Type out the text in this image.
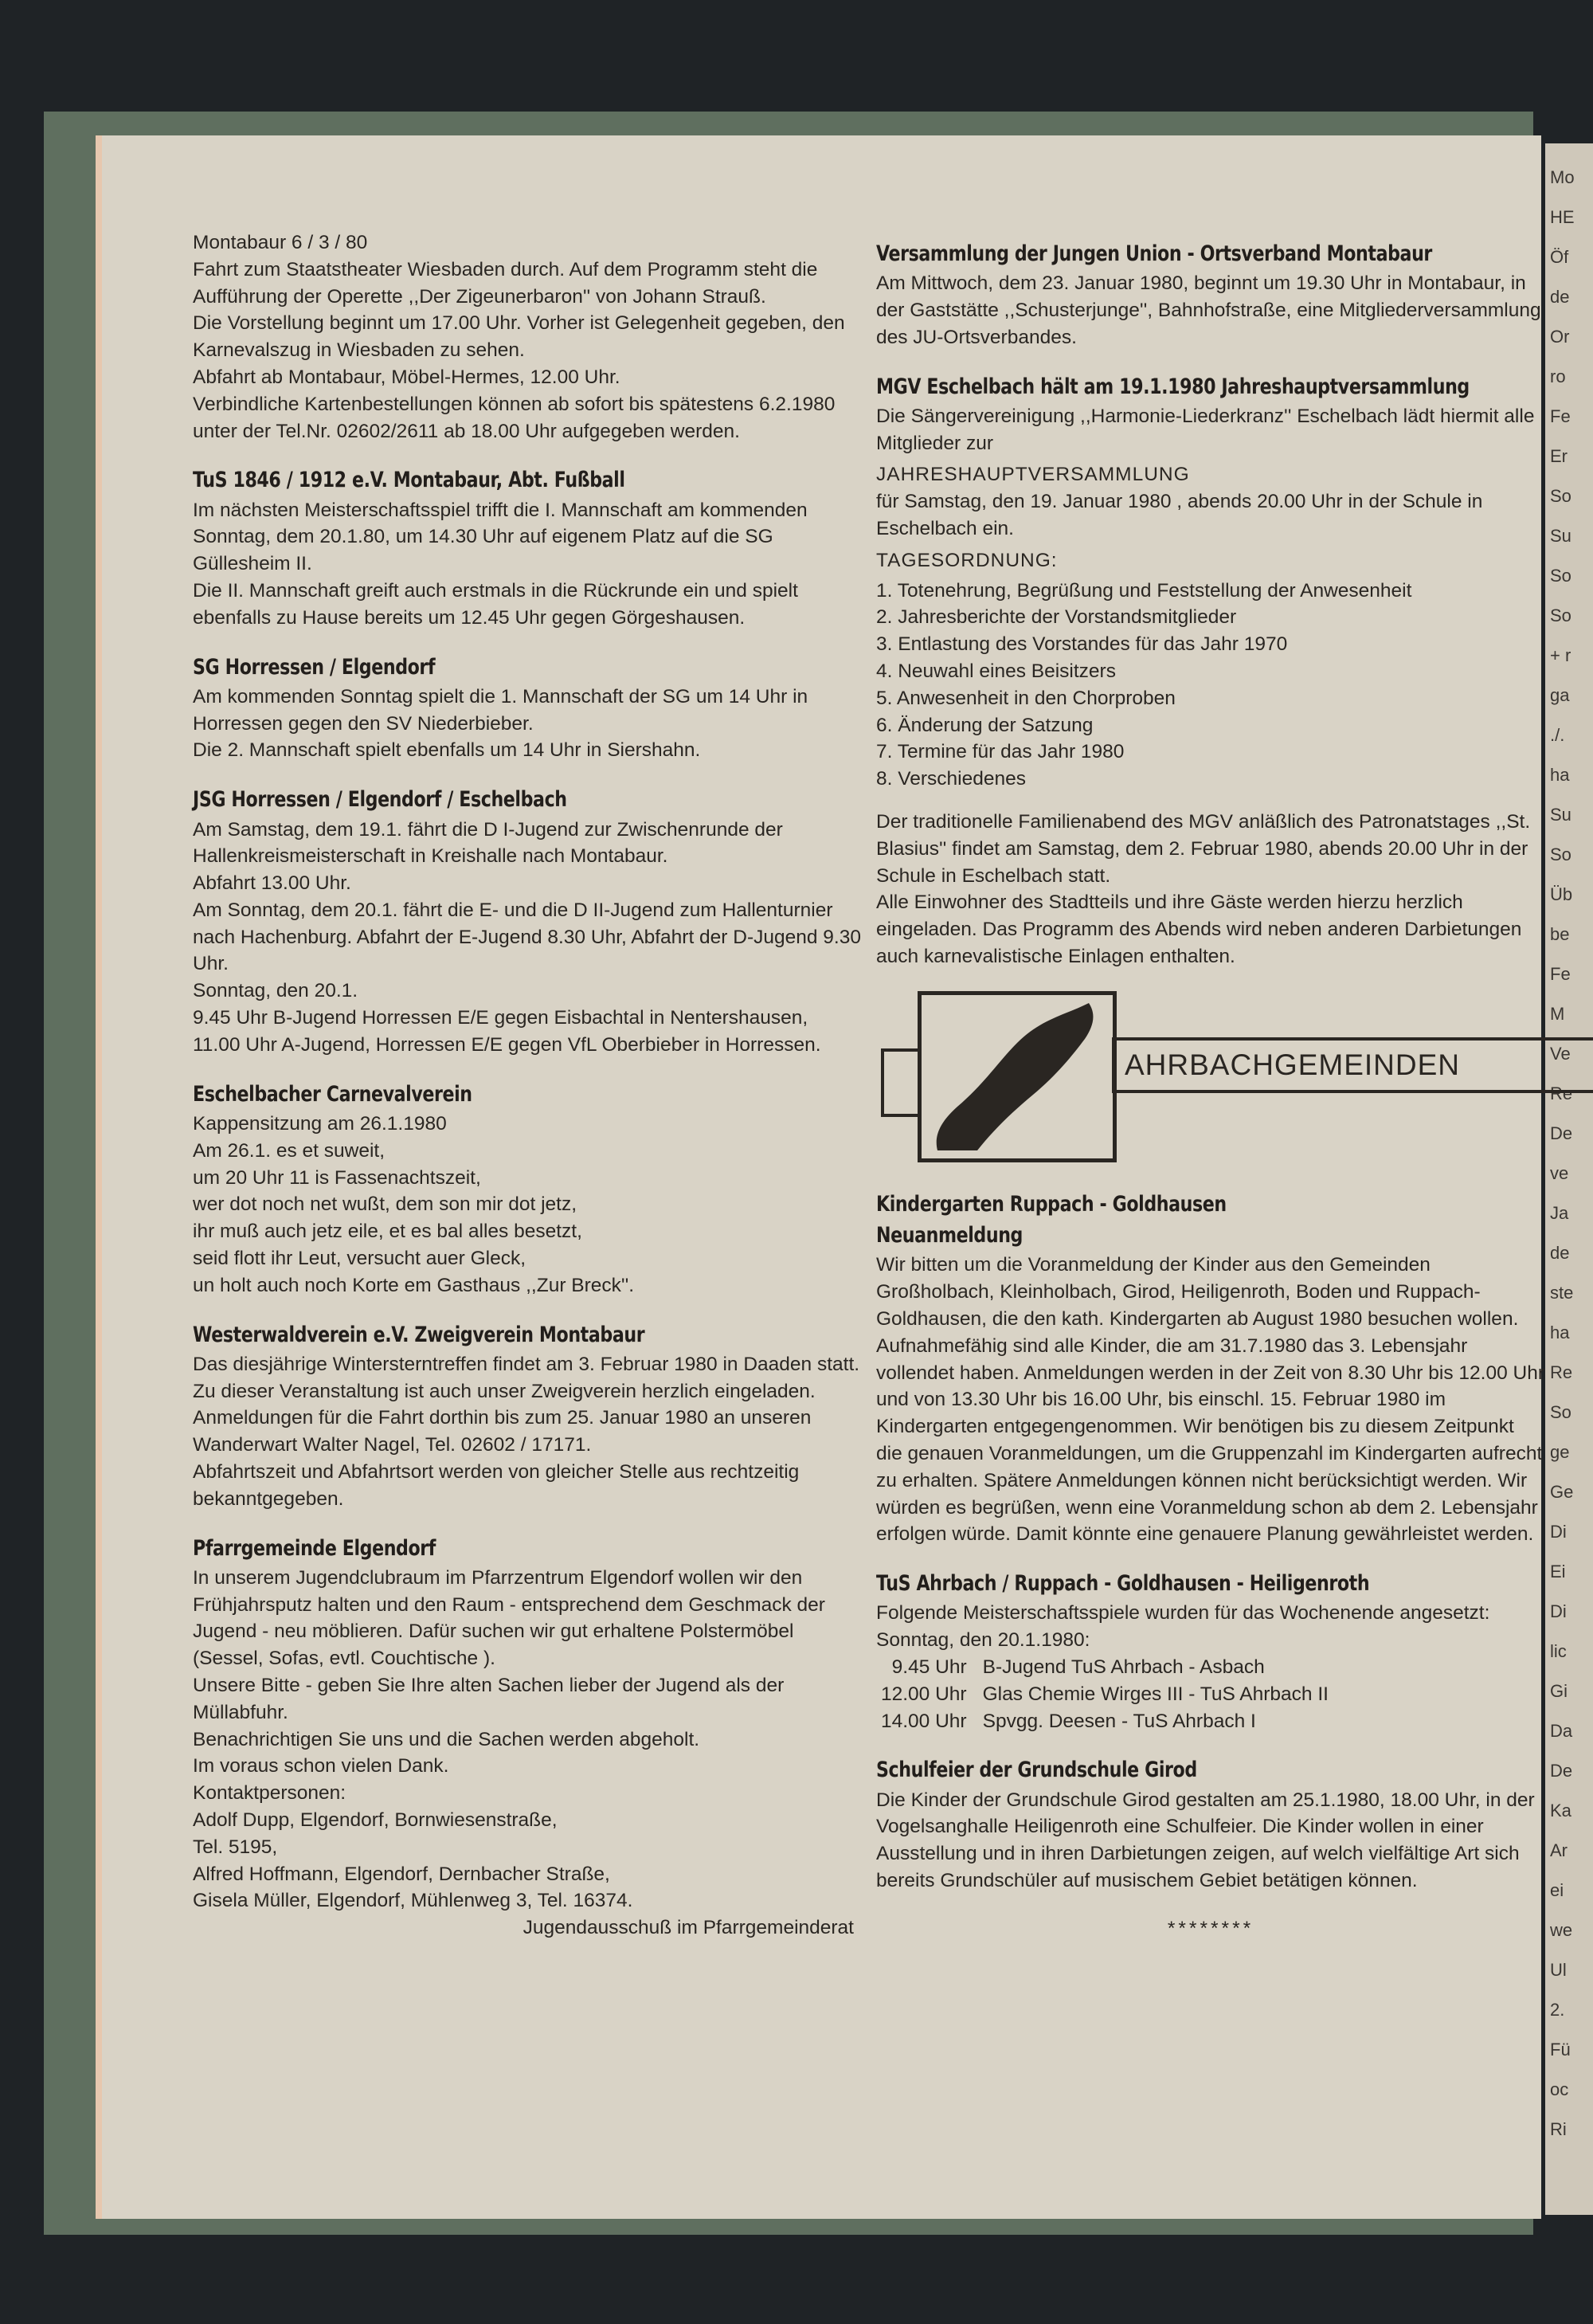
Mo
HE
Öf
de
Or
ro
Fe
Er
So
Su
So
So
+ r
ga
./.
ha
Su
So
Üb
be
Fe
M
Ve
Re
De
ve
Ja
de
ste
ha
Re
So
ge
Ge
Di
Ei
Di
lic
Gi
Da
De
Ka
Ar
ei
we
Ul
2.
Fü
oc
Ri

Montabaur 6 / 3 / 80
Fahrt zum Staatstheater Wiesbaden durch. Auf dem Programm steht die Aufführung der Operette ,,Der Zigeunerbaron'' von Johann Strauß.
Die Vorstellung beginnt um 17.00 Uhr. Vorher ist Gelegenheit gegeben, den Karnevalszug in Wiesbaden zu sehen.
Abfahrt ab Montabaur, Möbel-Hermes, 12.00 Uhr.
Verbindliche Kartenbestellungen können ab sofort bis spätestens 6.2.1980 unter der Tel.Nr. 02602/2611 ab 18.00 Uhr aufgegeben werden.

TuS 1846 / 1912 e.V. Montabaur, Abt. Fußball

Im nächsten Meisterschaftsspiel trifft die I. Mannschaft am kommenden Sonntag, dem 20.1.80, um 14.30 Uhr auf eigenem Platz auf die SG Güllesheim II.
Die II. Mannschaft greift auch erstmals in die Rückrunde ein und spielt ebenfalls zu Hause bereits um 12.45 Uhr gegen Görgeshausen.

SG Horressen / Elgendorf

Am kommenden Sonntag spielt die 1. Mannschaft der SG um 14 Uhr in Horressen gegen den SV Niederbieber.
Die 2. Mannschaft spielt ebenfalls um 14 Uhr in Siershahn.

JSG Horressen / Elgendorf / Eschelbach

Am Samstag, dem 19.1. fährt die D I-Jugend zur Zwischenrunde der Hallenkreismeisterschaft in Kreishalle nach Montabaur.
Abfahrt 13.00 Uhr.
Am Sonntag, dem 20.1. fährt die E- und die D II-Jugend zum Hallenturnier nach Hachenburg. Abfahrt der E-Jugend 8.30 Uhr, Abfahrt der D-Jugend 9.30 Uhr.
Sonntag, den 20.1.
9.45 Uhr B-Jugend Horressen E/E gegen Eisbachtal in Nentershausen,
11.00 Uhr A-Jugend, Horressen E/E gegen VfL Oberbieber in Horressen.

Eschelbacher Carnevalverein

Kappensitzung am 26.1.1980
Am 26.1. es et suweit,
um 20 Uhr 11 is Fassenachtszeit,
wer dot noch net wußt, dem son mir dot jetz,
ihr muß auch jetz eile, et es bal alles besetzt,
seid flott ihr Leut, versucht auer Gleck,
un holt auch noch Korte em Gasthaus ,,Zur Breck''.

Westerwaldverein e.V. Zweigverein Montabaur

Das diesjährige Wintersterntreffen findet am 3. Februar 1980 in Daaden statt. Zu dieser Veranstaltung ist auch unser Zweigverein herzlich eingeladen.
Anmeldungen für die Fahrt dorthin bis zum 25. Januar 1980 an unseren Wanderwart Walter Nagel, Tel. 02602 / 17171.
Abfahrtszeit und Abfahrtsort werden von gleicher Stelle aus rechtzeitig bekanntgegeben.

Pfarrgemeinde Elgendorf

In unserem Jugendclubraum im Pfarrzentrum Elgendorf wollen wir den Frühjahrsputz halten und den Raum - entsprechend dem Geschmack der Jugend - neu möblieren. Dafür suchen wir gut erhaltene Polstermöbel (Sessel, Sofas, evtl. Couchtische ).
Unsere Bitte - geben Sie Ihre alten Sachen lieber der Jugend als der Müllabfuhr.
Benachrichtigen Sie uns und die Sachen werden abgeholt.
Im voraus schon vielen Dank.
Kontaktpersonen:
Adolf Dupp, Elgendorf, Bornwiesenstraße,
Tel. 5195,
Alfred Hoffmann, Elgendorf, Dernbacher Straße,
Gisela Müller, Elgendorf, Mühlenweg 3, Tel. 16374.

Jugendausschuß im Pfarrgemeinderat

Versammlung der Jungen Union - Ortsverband Montabaur

Am Mittwoch, dem 23. Januar 1980, beginnt um 19.30 Uhr in Montabaur, in der Gaststätte ,,Schusterjunge'', Bahnhofstraße, eine Mitgliederversammlung des JU-Ortsverbandes.

MGV Eschelbach hält am 19.1.1980 Jahreshauptversammlung

Die Sängervereinigung ,,Harmonie-Liederkranz'' Eschelbach lädt hiermit alle Mitglieder zur

JAHRESHAUPTVERSAMMLUNG

für Samstag, den 19. Januar 1980 , abends 20.00 Uhr in der Schule in Eschelbach ein.

TAGESORDNUNG:

1. Totenehrung, Begrüßung und Feststellung der Anwesenheit
2. Jahresberichte der Vorstandsmitglieder
3. Entlastung des Vorstandes für das Jahr 1970
4. Neuwahl eines Beisitzers
5. Anwesenheit in den Chorproben
6. Änderung der Satzung
7. Termine für das Jahr 1980
8. Verschiedenes

Der traditionelle Familienabend des MGV anläßlich des Patronatstages ,,St. Blasius'' findet am Samstag, dem 2. Februar 1980, abends 20.00 Uhr in der Schule in Eschelbach statt.
Alle Einwohner des Stadtteils und ihre Gäste werden hierzu herzlich eingeladen. Das Programm des Abends wird neben anderen Darbietungen auch karnevalistische Einlagen enthalten.

AHRBACHGEMEINDEN
Kindergarten Ruppach - Goldhausen
Neuanmeldung

Wir bitten um die Voranmeldung der Kinder aus den Gemeinden Großholbach, Kleinholbach, Girod, Heiligenroth, Boden und Ruppach-Goldhausen, die den kath. Kindergarten ab August 1980 besuchen wollen. Aufnahmefähig sind alle Kinder, die am 31.7.1980 das 3. Lebensjahr vollendet haben. Anmeldungen werden in der Zeit von 8.30 Uhr bis 12.00 Uhr und von 13.30 Uhr bis 16.00 Uhr, bis einschl. 15. Februar 1980 im Kindergarten entgegengenommen. Wir benötigen bis zu diesem Zeitpunkt die genauen Voranmeldungen, um die Gruppenzahl im Kindergarten aufrecht zu erhalten. Spätere Anmeldungen können nicht berücksichtigt werden. Wir würden es begrüßen, wenn eine Voranmeldung schon ab dem 2. Lebensjahr erfolgen würde. Damit könnte eine genauere Planung gewährleistet werden.

TuS Ahrbach / Ruppach - Goldhausen - Heiligenroth

Folgende Meisterschaftsspiele wurden für das Wochenende angesetzt:
Sonntag, den 20.1.1980:

9.45 Uhr	B-Jugend TuS Ahrbach - Asbach
12.00 Uhr	Glas Chemie Wirges III - TuS Ahrbach II
14.00 Uhr	Spvgg. Deesen - TuS Ahrbach I
Schulfeier der Grundschule Girod

Die Kinder der Grundschule Girod gestalten am 25.1.1980, 18.00 Uhr, in der Vogelsanghalle Heiligenroth eine Schulfeier. Die Kinder wollen in einer Ausstellung und in ihren Darbietungen zeigen, auf welch vielfältige Art sich bereits Grundschüler auf musischem Gebiet betätigen können.

********
